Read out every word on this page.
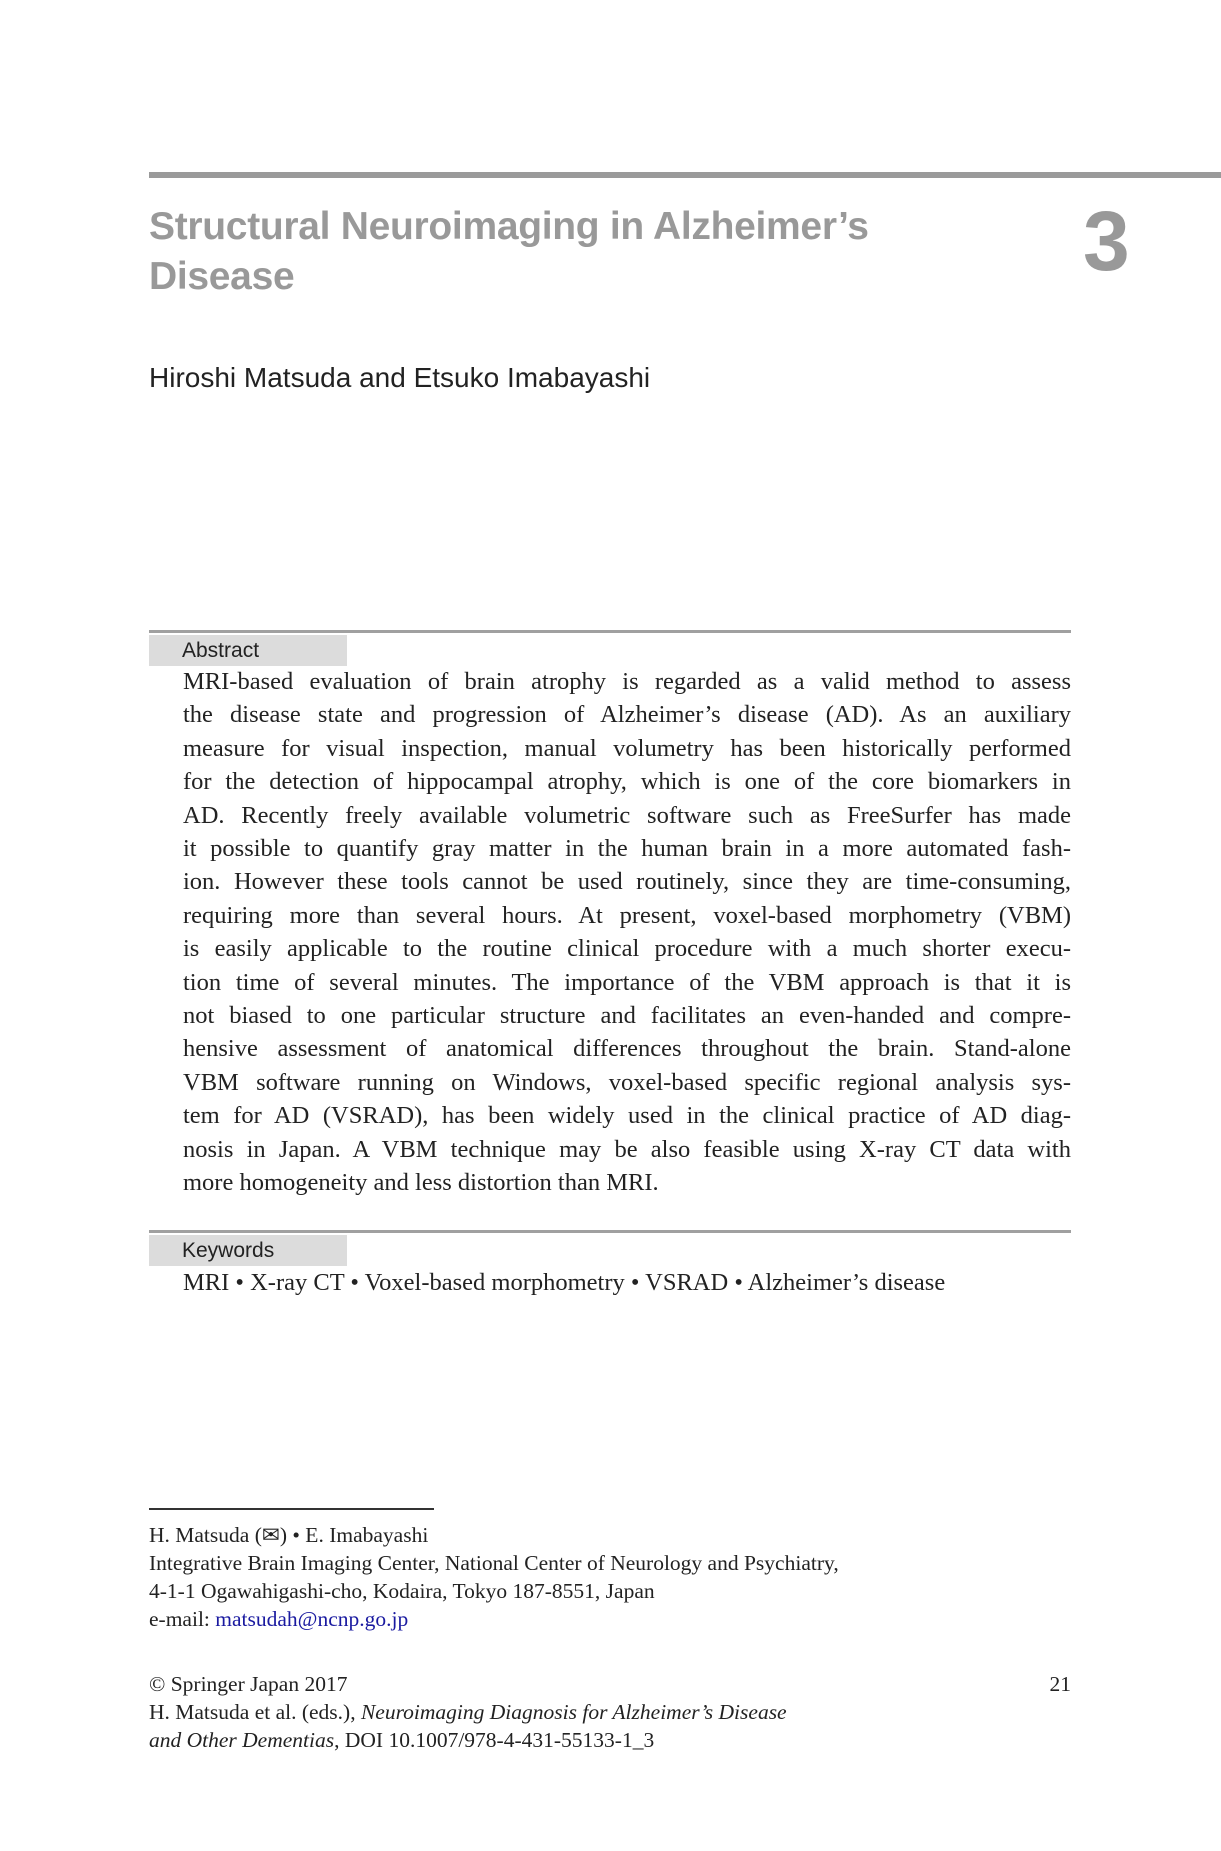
Structural Neuroimaging in Alzheimer’s Disease	3
Hiroshi Matsuda and Etsuko Imabayashi
Abstract
MRI-based evaluation of brain atrophy is regarded as a valid method to assess
the disease state and progression of Alzheimer’s disease (AD). As an auxiliary
measure for visual inspection, manual volumetry has been historically performed
for the detection of hippocampal atrophy, which is one of the core biomarkers in
AD. Recently freely available volumetric software such as FreeSurfer has made
it possible to quantify gray matter in the human brain in a more automated fash-
ion. However these tools cannot be used routinely, since they are time-consuming,
requiring more than several hours. At present, voxel-based morphometry (VBM)
is easily applicable to the routine clinical procedure with a much shorter execu-
tion time of several minutes. The importance of the VBM approach is that it is
not biased to one particular structure and facilitates an even-handed and compre-
hensive assessment of anatomical differences throughout the brain. Stand-alone
VBM software running on Windows, voxel-based specific regional analysis sys-
tem for AD (VSRAD), has been widely used in the clinical practice of AD diag-
nosis in Japan. A VBM technique may be also feasible using X-ray CT data with
more homogeneity and less distortion than MRI.
Keywords
MRI • X-ray CT • Voxel-based morphometry • VSRAD • Alzheimer’s disease
H. Matsuda (✉) • E. Imabayashi
Integrative Brain Imaging Center, National Center of Neurology and Psychiatry,
4-1-1 Ogawahigashi-cho, Kodaira, Tokyo 187-8551, Japan
e-mail: matsudah@ncnp.go.jp
© Springer Japan 2017	21
H. Matsuda et al. (eds.), Neuroimaging Diagnosis for Alzheimer’s Disease
and Other Dementias, DOI 10.1007/978-4-431-55133-1_3
